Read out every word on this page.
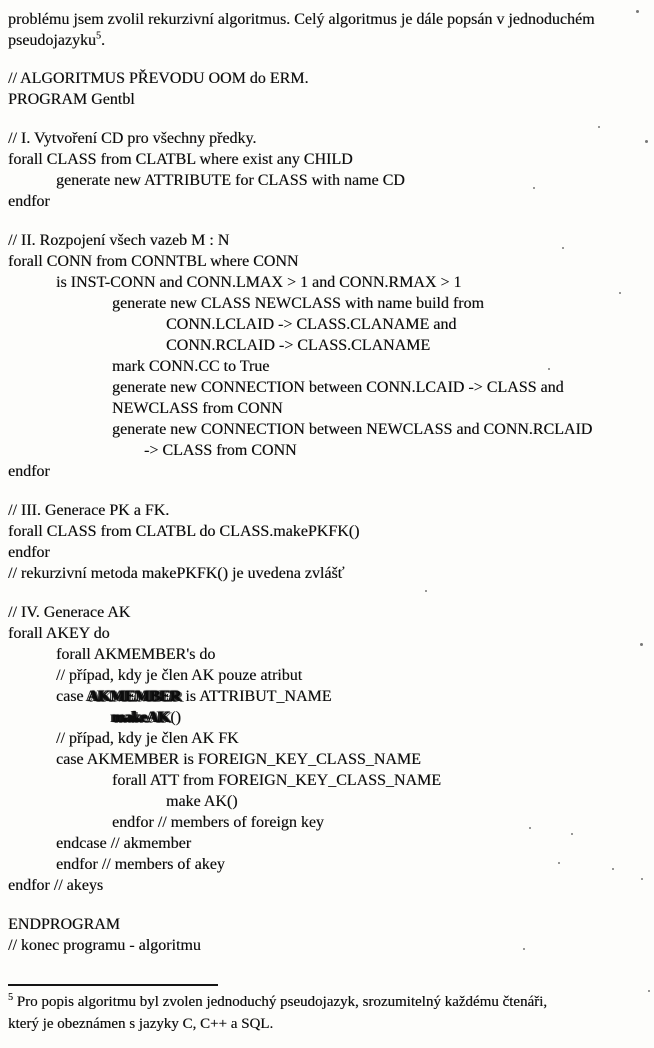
problému jsem zvolil rekurzivní algoritmus. Celý algoritmus je dále popsán v jednoduchém
pseudojazyku$^5$.

// ALGORITMUS PŘEVODU OOM do ERM.
PROGRAM Gentbl
// I. Vytvoření CD pro všechny předky.
forall CLASS from CLATBL where exist any CHILD
generate new ATTRIBUTE for CLASS with name CD
endfor
// II. Rozpojení všech vazeb M : N
forall CONN from CONNTBL where CONN
is INST-CONN and CONN.LMAX > 1 and CONN.RMAX > 1
generate new CLASS NEWCLASS with name build from
CONN.LCLAID -> CLASS.CLANAME and
CONN.RCLAID -> CLASS.CLANAME
mark CONN.CC to True
generate new CONNECTION between CONN.LCAID -> CLASS and
NEWCLASS from CONN
generate new CONNECTION between NEWCLASS and CONN.RCLAID
-> CLASS from CONN
endfor
// III. Generace PK a FK.
forall CLASS from CLATBL do CLASS.makePKFK()
endfor
// rekurzivní metoda makePKFK() je uvedena zvlášť
// IV. Generace AK
forall AKEY do
forall AKMEMBER's do
// případ, kdy je člen AK pouze atribut
case AKMEMBER is ATTRIBUT_NAME
makeAK()
// případ, kdy je člen AK FK
case AKMEMBER is FOREIGN_KEY_CLASS_NAME
forall ATT from FOREIGN_KEY_CLASS_NAME
make AK()
endfor // members of foreign key
endcase // akmember
endfor // members of akey
endfor // akeys
ENDPROGRAM
// konec programu - algoritmu
$^5$ Pro popis algoritmu byl zvolen jednoduchý pseudojazyk, srozumitelný každému čtenáři,
který je obeznámen s jazyky C, C++ a SQL.
